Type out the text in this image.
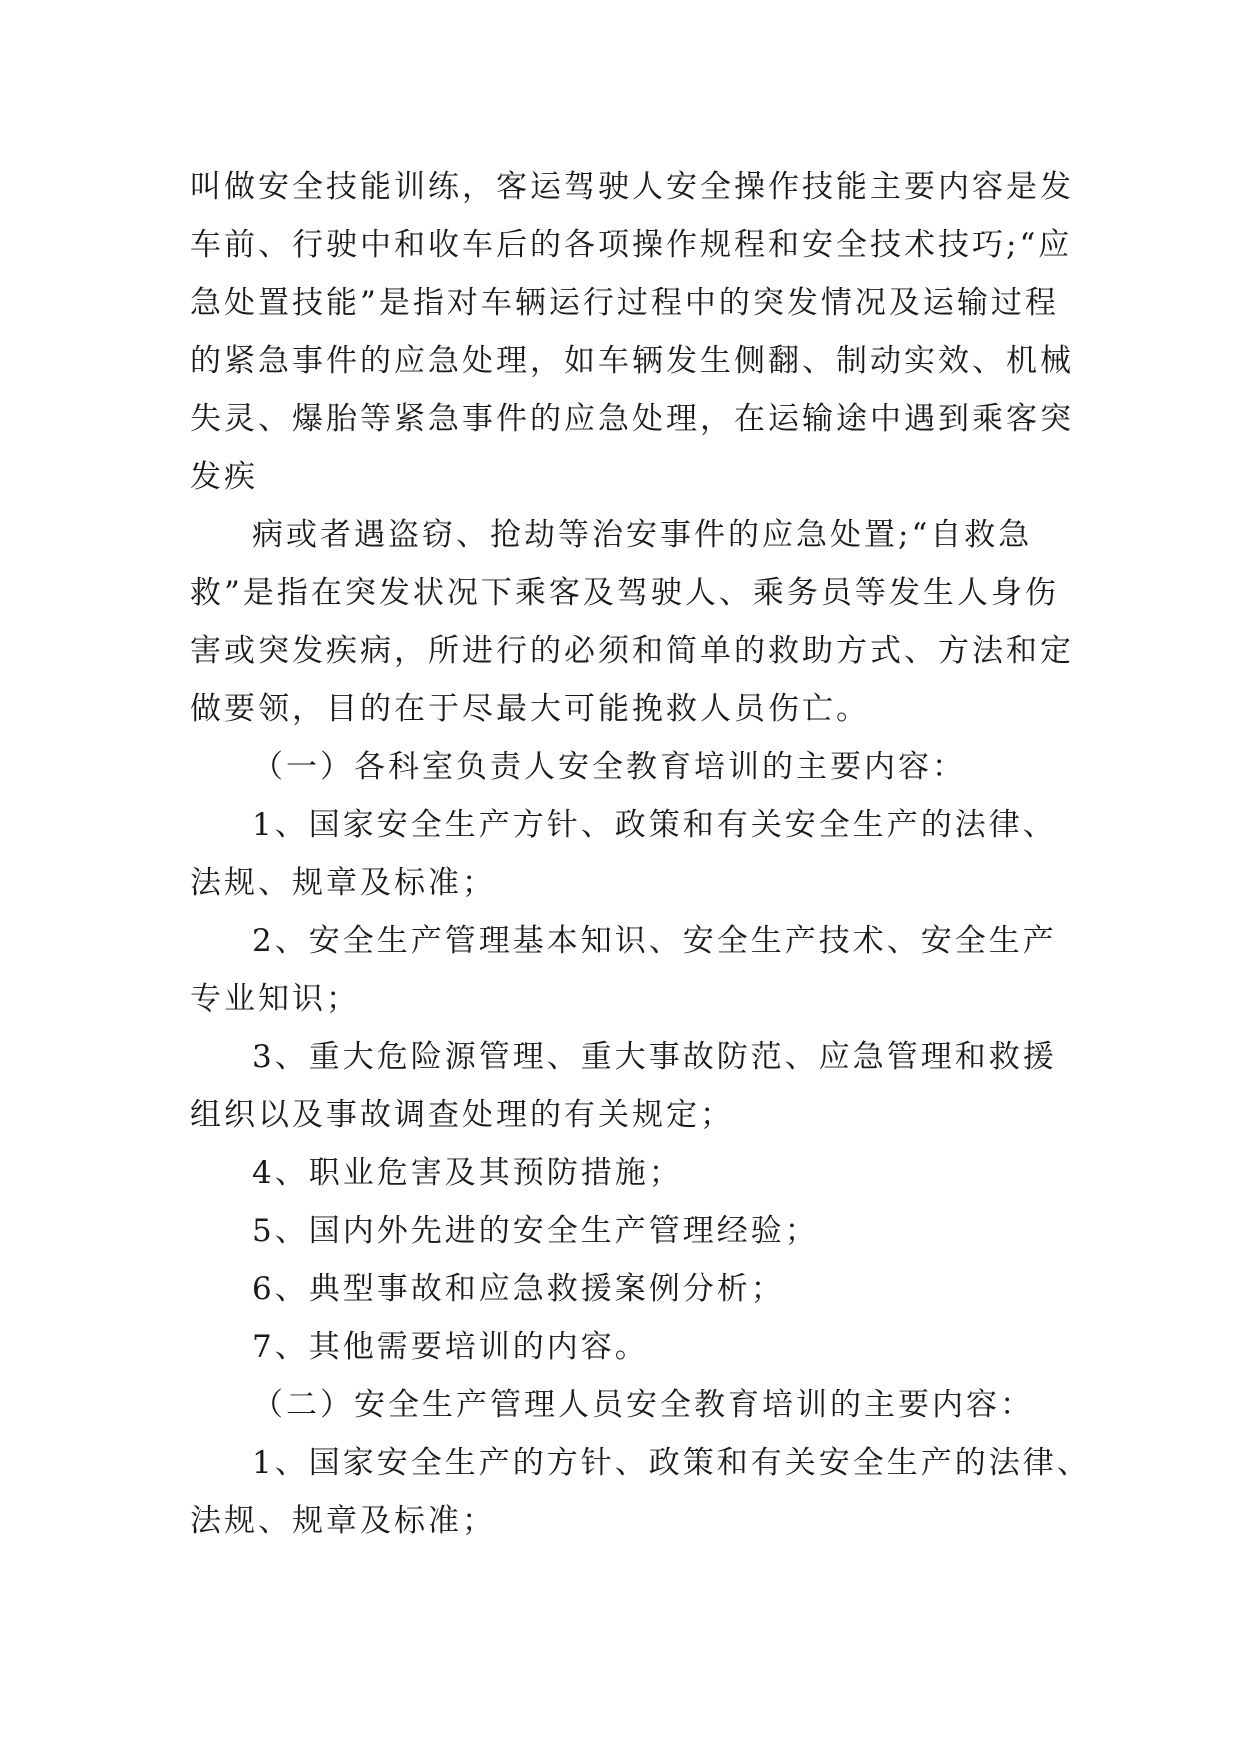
叫做安全技能训练，客运驾驶人安全操作技能主要内容是发
车前、行驶中和收车后的各项操作规程和安全技术技巧;“应
急处置技能”是指对车辆运行过程中的突发情况及运输过程
的紧急事件的应急处理，如车辆发生侧翻、制动实效、机械
失灵、爆胎等紧急事件的应急处理，在运输途中遇到乘客突
发疾
病或者遇盗窃、抢劫等治安事件的应急处置;“自救急
救”是指在突发状况下乘客及驾驶人、乘务员等发生人身伤
害或突发疾病，所进行的必须和简单的救助方式、方法和定
做要领，目的在于尽最大可能挽救人员伤亡。
（一）各科室负责人安全教育培训的主要内容：
1、国家安全生产方针、政策和有关安全生产的法律、
法规、规章及标准；
2、安全生产管理基本知识、安全生产技术、安全生产
专业知识；
3、重大危险源管理、重大事故防范、应急管理和救援
组织以及事故调查处理的有关规定；
4、职业危害及其预防措施；
5、国内外先进的安全生产管理经验；
6、典型事故和应急救援案例分析；
7、其他需要培训的内容。
（二）安全生产管理人员安全教育培训的主要内容：
1、国家安全生产的方针、政策和有关安全生产的法律、
法规、规章及标准；
